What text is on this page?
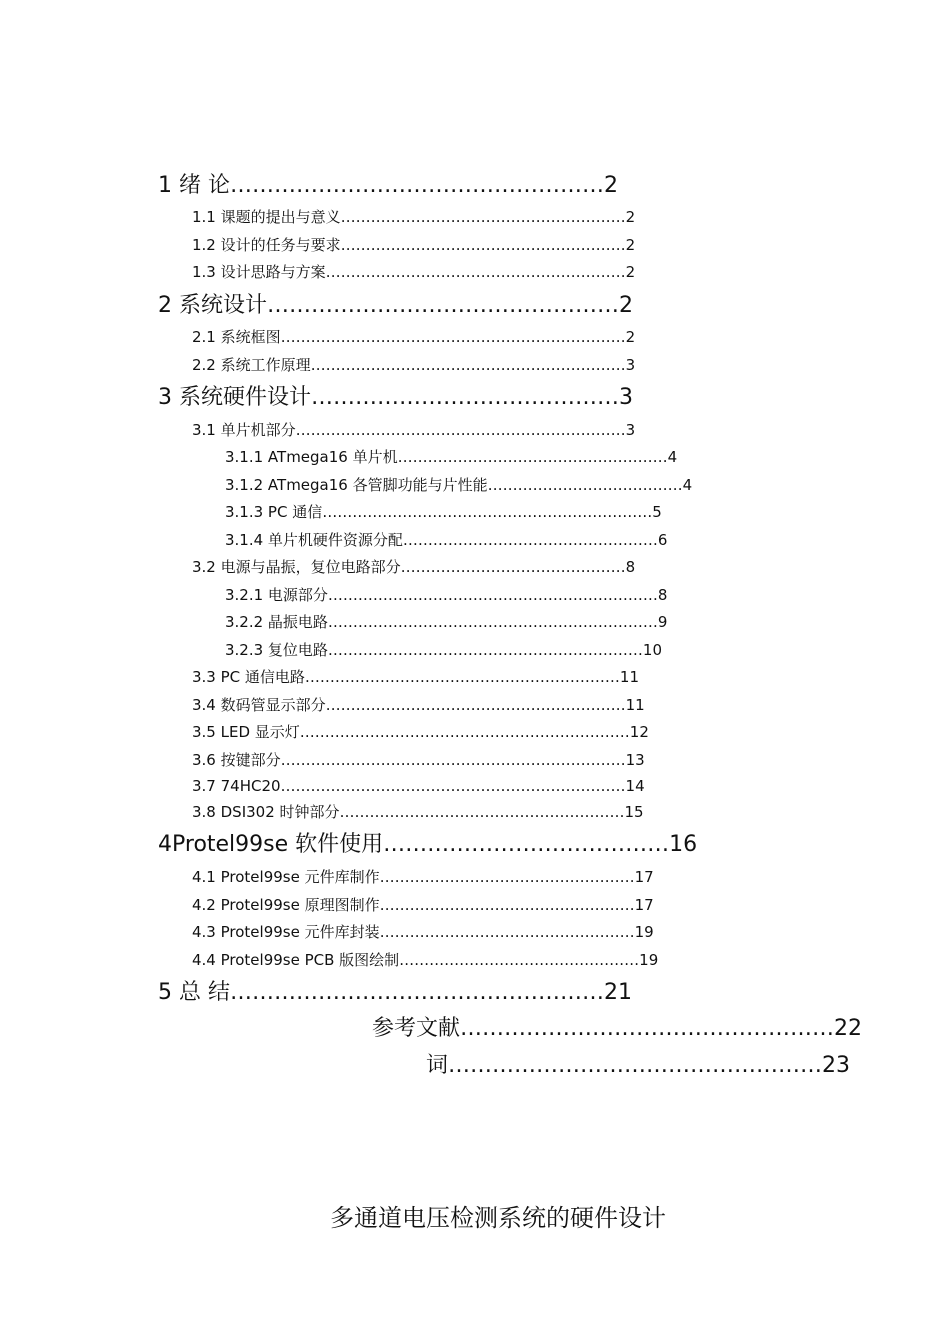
1 绪 论……………………………………………2
1.1 课题的提出与意义…………………………………………………2
1.2 设计的任务与要求…………………………………………………2
1.3 设计思路与方案……………………………………………………2
2 系统设计…………………………………………2
2.1 系统框图……………………………………………………………2
2.2 系统工作原理………………………………………………………3
3 系统硬件设计……………………………………3
3.1 单片机部分…………………………………………………………3
3.1.1 ATmega16 单片机………………………………………………4
3.1.2 ATmega16 各管脚功能与片性能…………………………………4
3.1.3 PC 通信…………………………………………………………5
3.1.4 单片机硬件资源分配……………………………………………6
3.2 电源与晶振，复位电路部分………………………………………8
3.2.1 电源部分…………………………………………………………8
3.2.2 晶振电路…………………………………………………………9
3.2.3 复位电路………………………………………………………10
3.3 PC 通信电路………………………………………………………11
3.4 数码管显示部分……………………………………………………11
3.5 LED 显示灯…………………………………………………………12
3.6 按键部分……………………………………………………………13
3.7 74HC20……………………………………………………………14
3.8 DSI302 时钟部分…………………………………………………15
4Protel99se 软件使用…………………………………16
4.1 Protel99se 元件库制作……………………………………………17
4.2 Protel99se 原理图制作……………………………………………17
4.3 Protel99se 元件库封装……………………………………………19
4.4 Protel99se PCB 版图绘制…………………………………………19
5 总 结……………………………………………21
参考文献……………………………………………22
词……………………………………………23
多通道电压检测系统的硬件设计
